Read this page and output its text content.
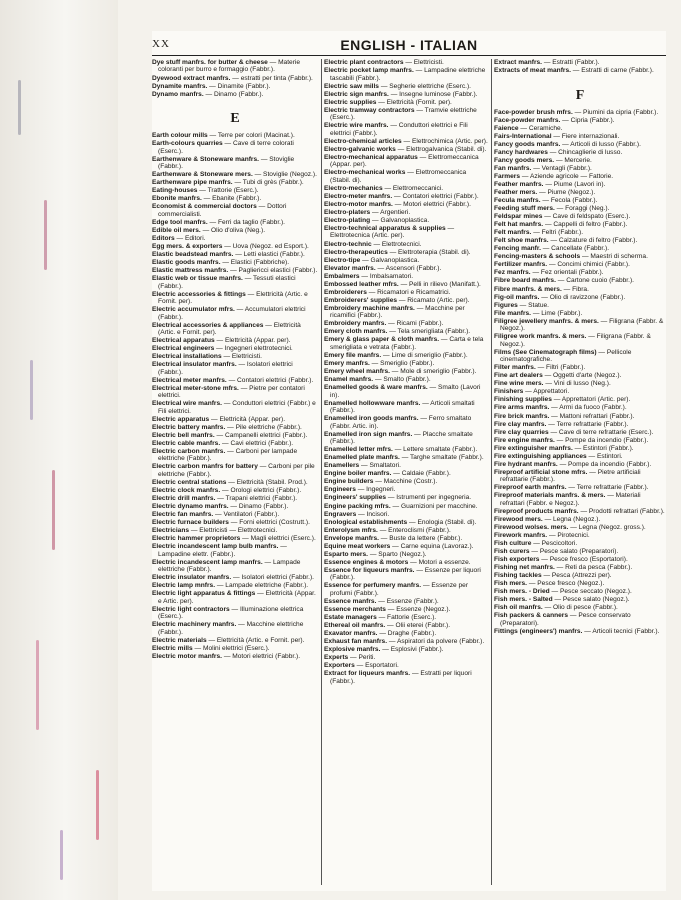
XX	ENGLISH - ITALIAN
Dye stuff manfrs. for butter & cheese — Materie coloranti per burro e formaggio (Fabbr.).
Dyewood extract manfrs. — estratti per tinta (Fabbr.).
Dynamite manfrs. — Dinamite (Fabbr.).
Dynamo manfrs. — Dinamo (Fabbr.).
E
Earth colour mills — Terre per colori (Macinat.).
Earth-colours quarries — Cave di terre colorati (Eserc.).
Earthenware & Stoneware manfrs. — Stoviglie (Fabbr.).
Earthenware & Stoneware mers. — Stoviglie (Negoz.).
Earthenware pipe manfrs. — Tubi di grès (Fabbr.).
Eating-houses — Trattorie (Eserc.).
Ebonite manfrs. — Ebanite (Fabbr.).
Economist & commercial doctors — Dottori commercialisti.
Edge tool manfrs. — Ferri da taglio (Fabbr.).
Edible oil mers. — Olio d'oliva (Neg.).
Editors — Editori.
Egg mers. & exporters — Uova (Negoz. ed Esport.).
Elastic beadstead manfrs. — Letti elastici (Fabbr.).
Elastic goods manfrs. — Elastici (Fabbriche).
Elastic mattress manfrs. — Pagliericci elastici (Fabbr.).
Elastic web or tissue manfrs. — Tessuti elastici (Fabbr.).
Electric accessories & fittings — Elettricità (Artic. e Fornit. per).
Electric accumulator mfrs. — Accumulatori elettrici (Fabbr.).
Electrical accessories & appliances — Elettricità (Artic. e Fornit. per).
Electrical apparatus — Elettricità (Appar. per).
Electrical engineers — Ingegneri elettrotecnici.
Electrical installations — Elettricisti.
Electrical insulator manfrs. — Isolatori elettrici (Fabbr.).
Electrical meter manfrs. — Contatori elettrici (Fabbr.).
Electrical meter-stone mfrs. — Pietre per contatori elettrici.
Electrical wire manfrs. — Conduttori elettrici (Fabbr.) e Fili elettrici.
Electric apparatus — Elettricità (Appar. per).
Electric battery manfrs. — Pile elettriche (Fabbr.).
Electric bell manfrs. — Campanelli elettrici (Fabbr.).
Electric cable manfrs. — Cavi elettrici (Fabbr.).
Electric carbon manfrs. — Carboni per lampade elettriche (Fabbr.).
Electric carbon manfrs for battery — Carboni per pile elettriche (Fabbr.).
Electric central stations — Elettricità (Stabil. Prod.).
Electric clock manfrs. — Orologi elettrici (Fabbr.).
Electric drill manfrs. — Trapani elettrici (Fabbr.).
Electric dynamo manfrs. — Dinamo (Fabbr.).
Electric fan manfrs. — Ventilatori (Fabbr.).
Electric furnace builders — Forni elettrici (Costrutt.).
Electricians — Elettricisti — Elettrotecnici.
Electric hammer proprietors — Magli elettrici (Eserc.).
Electric incandescent lamp bulb manfrs. — Lampadine elettr. (Fabbr.).
Electric incandescent lamp manfrs. — Lampade elettriche (Fabbr.).
Electric insulator manfrs. — Isolatori elettrici (Fabbr.).
Electric lamp mnfrs. — Lampade elettriche (Fabbr.).
Electric light apparatus & fittings — Elettricità (Appar. e Artic. per).
Electric light contractors — Illuminazione elettrica (Eserc.).
Electric machinery manfrs. — Macchine elettriche (Fabbr.).
Electric materials — Elettricità (Artic. e Fornit. per).
Electric mills — Molini elettrici (Eserc.).
Electric motor manfrs. — Motori elettrici (Fabbr.).
Electric plant contractors — Elettricisti.
Electric pocket lamp manfrs. — Lampadine elettriche tascabili (Fabbr.).
Electric saw mills — Segherie elettriche (Eserc.).
Electric sign manfrs. — Insegne luminose (Fabbr.).
Electric supplies — Elettricità (Fornit. per).
Electric tramway contractors — Tramvie elettriche (Eserc.).
Electric wire manfrs. — Conduttori elettrici e Fili elettrici (Fabbr.).
Electro-chemical articles — Elettrochimica (Artic. per).
Electro-galvanic works — Elettrogalvanica (Stabil. di).
Electro-mechanical apparatus — Elettromeccanica (Appar. per).
Electro-mechanical works — Elettromeccanica (Stabil. di).
Electro-mechanics — Elettromeccanici.
Electro-meter manfrs. — Contatori elettrici (Fabbr.).
Electro-motor manfrs. — Motori elettrici (Fabbr.).
Electro-platers — Argentieri.
Electro-plating — Galvanoplastica.
Electro-technical apparatus & supplies — Elettrotecnica (Artic. per).
Electro-technic — Elettrotecnici.
Electro-therapeutics — Elettroterapia (Stabil. di).
Electro-tipe — Galvanoplastica.
Elevator manfrs. — Ascensori (Fabbr.).
Embalmers — Imbalsamatori.
Embossed leather mfrs. — Pelli in rilievo (Manifatt.).
Embroiderers — Ricamatori e Ricamatrici.
Embroiderers' supplies — Ricamato (Artic. per).
Embroidery machine manfrs. — Macchine per ricamifici (Fabbr.).
Embroidery manfrs. — Ricami (Fabbr.).
Emery cloth manfrs. — Tela smerigliata (Fabbr.).
Emery & glass paper & cloth manfrs. — Carta e tela smerigliata e vetrata (Fabbr.).
Emery file manfrs. — Lime di smeriglio (Fabbr.).
Emery manfrs. — Smeriglio (Fabbr.).
Emery wheel manfrs. — Mole di smeriglio (Fabbr.).
Enamel manfrs. — Smalto (Fabbr.).
Enamelled goods & ware manfrs. — Smalto (Lavori in).
Enamelled hollowware manfrs. — Articoli smaltati (Fabbr.).
Enamelled iron goods manfrs. — Ferro smaltato (Fabbr. Artic. in).
Enamelled iron sign manfrs. — Placche smaltate (Fabbr.).
Enamelled letter mfrs. — Lettere smaltate (Fabbr.).
Enamelled plate manfrs. — Targhe smaltate (Fabbr.).
Enamellers — Smaltatori.
Engine boiler manfrs. — Caldaie (Fabbr.).
Engine builders — Macchine (Costr.).
Engineers — Ingegneri.
Engineers' supplies — Istrumenti per ingegneria.
Engine packing mfrs. — Guarnizioni per macchine.
Engravers — Incisori.
Enological establishments — Enologia (Stabil. di).
Enterolysm mfrs. — Enteroclismi (Fabbr.).
Envelope manfrs. — Buste da lettere (Fabbr.).
Equine meat workers — Carne equina (Lavoraz.).
Esparto mers. — Sparto (Negoz.).
Essence engines & motors — Motori a essenze.
Essence for liqueurs manfrs. — Essenze per liquori (Fabbr.).
Essence for perfumery manfrs. — Essenze per profumi (Fabbr.).
Essence manfrs. — Essenze (Fabbr.).
Essence merchants — Essenze (Negoz.).
Estate managers — Fattorie (Eserc.).
Ethereal oil manfrs. — Olii eterei (Fabbr.).
Exavator manfrs. — Draghe (Fabbr.).
Exhaust fan manfrs. — Aspiratori da polvere (Fabbr.).
Explosive manfrs. — Esplosivi (Fabbr.).
Experts — Periti.
Exporters — Esportatori.
Extract for liqueurs manfrs. — Estratti per liquori (Fabbr.).
Extract manfrs. — Estratti (Fabbr.).
Extracts of meat manfrs. — Estratti di carne (Fabbr.).
F
Face-powder brush mfrs. — Piumini da cipria (Fabbr.).
Face-powder manfrs. — Cipria (Fabbr.).
Faience — Ceramiche.
Fairs-International — Fiere internazionali.
Fancy goods manfrs. — Articoli di lusso (Fabbr.).
Fancy hardwares — Chincaglierie di lusso.
Fancy goods mers. — Mercerie.
Fan manfrs. — Ventagli (Fabbr.).
Farmers — Aziende agricole — Fattorie.
Feather manfrs. — Piume (Lavori in).
Feather mers. — Piume (Negoz.).
Fecula manfrs. — Fecola (Fabbr.).
Feeding stuff mers. — Foraggi (Neg.).
Feldspar mines — Cave di feldspato (Eserc.).
Felt hat manfrs. — Cappelli di feltro (Fabbr.).
Felt manfrs. — Feltri (Fabbr.).
Felt shoe manfrs. — Calzature di feltro (Fabbr.).
Fencing manfr. — Cancellate (Fabbr.).
Fencing-masters & schools — Maestri di scherma.
Fertilizer manfrs. — Concimi chimici (Fabbr.).
Fez manfrs. — Fez orientali (Fabbr.).
Fibre board manfrs. — Cartone cuoio (Fabbr.).
Fibre manfrs. & mers. — Fibra.
Fig-oil manfrs. — Olio di ravizzone (Fabbr.).
Figures — Statue.
File manfrs. — Lime (Fabbr.).
Filigree jewellery manfrs. & mers. — Filigrana (Fabbr. & Negoz.).
Filigree work manfrs. & mers. — Filigrana (Fabbr. & Negoz.).
Films (See Cinematograph films) — Pellicole cinematografiche.
Filter manfrs. — Filtri (Fabbr.).
Fine art dealers — Oggetti d'arte (Negoz.).
Fine wine mers. — Vini di lusso (Neg.).
Finishers — Apprettatori.
Finishing supplies — Apprettatori (Artic. per).
Fire arms manfrs. — Armi da fuoco (Fabbr.).
Fire brick manfrs. — Mattoni refrattari (Fabbr.).
Fire clay manfrs. — Terre refrattarie (Fabbr.).
Fire clay quarries — Cave di terre refrattarie (Eserc.).
Fire engine manfrs. — Pompe da incendio (Fabbr.).
Fire extinguisher manfrs. — Estintori (Fabbr.).
Fire extinguishing appliances — Estintori.
Fire hydrant manfrs. — Pompe da incendio (Fabbr.).
Fireproof artificial stone mfrs. — Pietre artificiali refrattarie (Fabbr.).
Fireproof earth manfrs. — Terre refrattarie (Fabbr.).
Fireproof materials manfrs. & mers. — Materiali refrattari (Fabbr. e Negoz.).
Fireproof products manfrs. — Prodotti refrattari (Fabbr.).
Firewood mers. — Legna (Negoz.).
Firewood wolses. mers. — Legna (Negoz. gross.).
Firework manfrs. — Pirotecnici.
Fish culture — Pescicoltori.
Fish curers — Pesce salato (Preparatori).
Fish exporters — Pesce fresco (Esportatori).
Fishing net manfrs. — Reti da pesca (Fabbr.).
Fishing tackles — Pesca (Attrezzi per).
Fish mers. — Pesce fresco (Negoz.).
Fish mers. - Dried — Pesce seccato (Negoz.).
Fish mers. - Salted — Pesce salato (Negoz.).
Fish oil manfrs. — Olio di pesce (Fabbr.).
Fish packers & canners — Pesce conservato (Preparatori).
Fittings (engineers') manfrs. — Articoli tecnici (Fabbr.).
